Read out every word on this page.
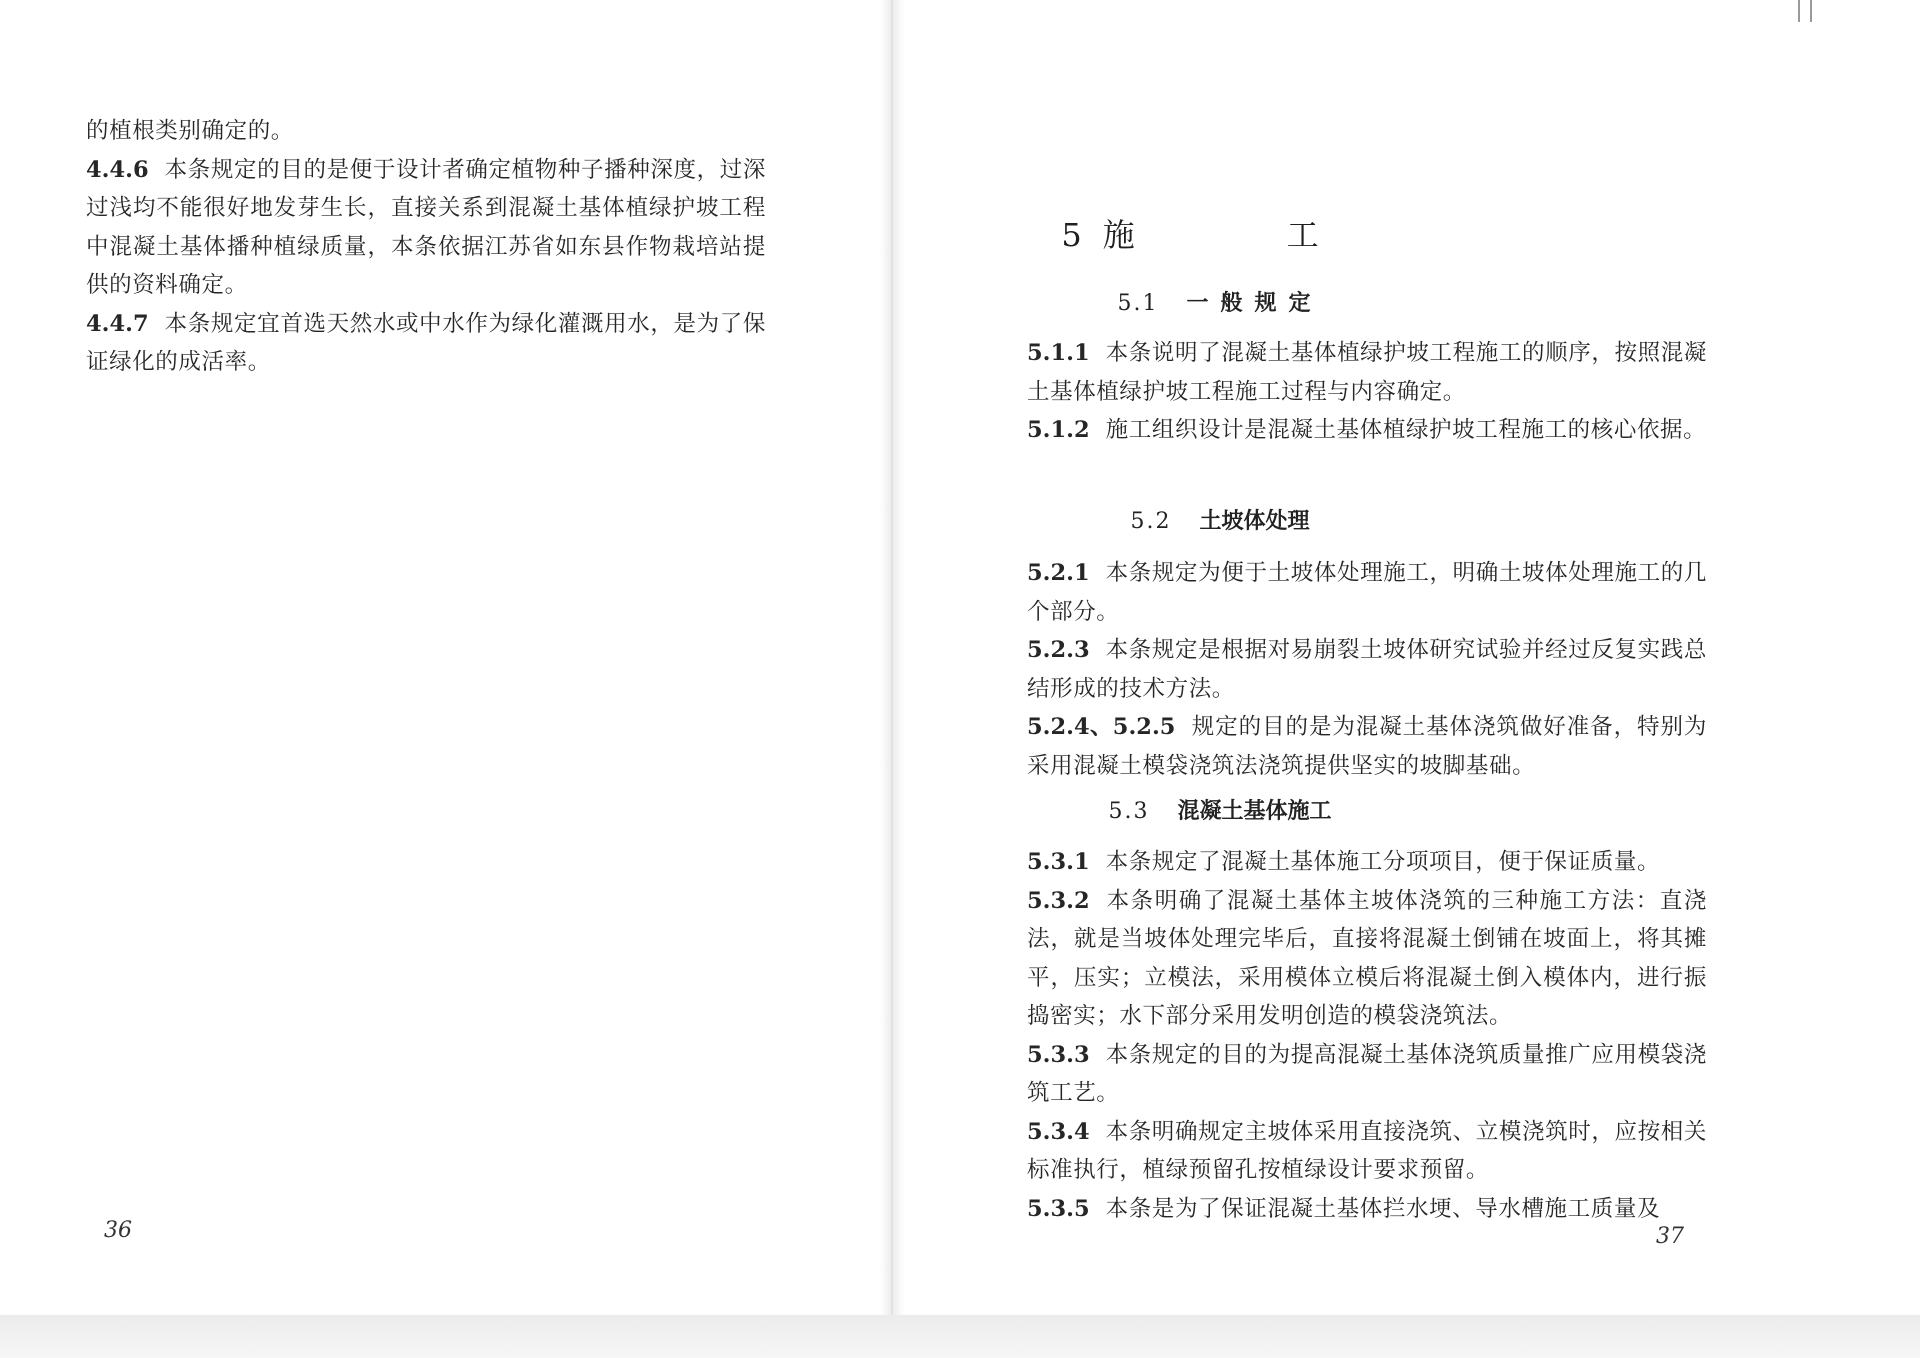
的植根类别确定的。

4.4.6 本条规定的目的是便于设计者确定植物种子播种深度，过深过浅均不能很好地发芽生长，直接关系到混凝土基体植绿护坡工程中混凝土基体播种植绿质量，本条依据江苏省如东县作物栽培站提供的资料确定。

4.4.7 本条规定宜首选天然水或中水作为绿化灌溉用水，是为了保证绿化的成活率。

36
5 施　工
5.1 一般规定

5.1.1 本条说明了混凝土基体植绿护坡工程施工的顺序，按照混凝土基体植绿护坡工程施工过程与内容确定。

5.1.2 施工组织设计是混凝土基体植绿护坡工程施工的核心依据。

5.2 土坡体处理

5.2.1 本条规定为便于土坡体处理施工，明确土坡体处理施工的几个部分。

5.2.3 本条规定是根据对易崩裂土坡体研究试验并经过反复实践总结形成的技术方法。

5.2.4、5.2.5 规定的目的是为混凝土基体浇筑做好准备，特别为采用混凝土模袋浇筑法浇筑提供坚实的坡脚基础。

5.3 混凝土基体施工

5.3.1 本条规定了混凝土基体施工分项项目，便于保证质量。

5.3.2 本条明确了混凝土基体主坡体浇筑的三种施工方法：直浇法，就是当坡体处理完毕后，直接将混凝土倒铺在坡面上，将其摊平，压实；立模法，采用模体立模后将混凝土倒入模体内，进行振捣密实；水下部分采用发明创造的模袋浇筑法。

5.3.3 本条规定的目的为提高混凝土基体浇筑质量推广应用模袋浇筑工艺。

5.3.4 本条明确规定主坡体采用直接浇筑、立模浇筑时，应按相关标准执行，植绿预留孔按植绿设计要求预留。

5.3.5 本条是为了保证混凝土基体拦水埂、导水槽施工质量及

37
